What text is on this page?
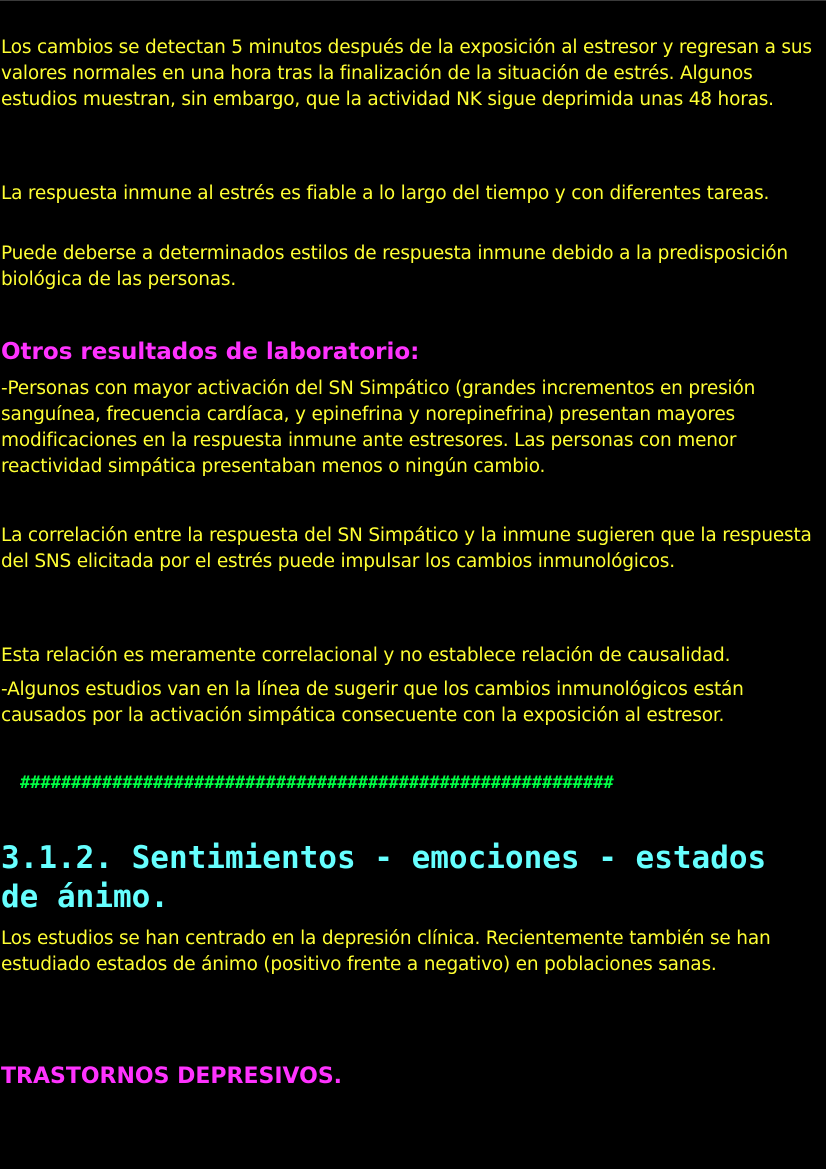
Los cambios se detectan 5 minutos después de la exposición al estresor y regresan a sus valores normales en una hora tras la finalización de la situación de estrés. Algunos estudios muestran, sin embargo, que la actividad NK sigue deprimida unas 48 horas.
La respuesta inmune al estrés es fiable a lo largo del tiempo y con diferentes tareas.
Puede deberse a determinados estilos de respuesta inmune debido a la predisposición biológica de las personas.
Otros resultados de laboratorio:
-Personas con mayor activación del SN Simpático (grandes incrementos en presión sanguínea, frecuencia cardíaca, y epinefrina y norepinefrina) presentan mayores modificaciones en la respuesta inmune ante estresores. Las personas con menor reactividad simpática presentaban menos o ningún cambio.
La correlación entre la respuesta del SN Simpático y la inmune sugieren que la respuesta del SNS elicitada por el estrés puede impulsar los cambios inmunológicos.
Esta relación es meramente correlacional y no establece relación de causalidad.
-Algunos estudios van en la línea de sugerir que los cambios inmunológicos están causados por la activación simpática consecuente con la exposición al estresor.
##########################################################
3.1.2. Sentimientos - emociones - estados de ánimo.
Los estudios se han centrado en la depresión clínica. Recientemente también se han estudiado estados de ánimo (positivo frente a negativo) en poblaciones sanas.
TRASTORNOS DEPRESIVOS.
